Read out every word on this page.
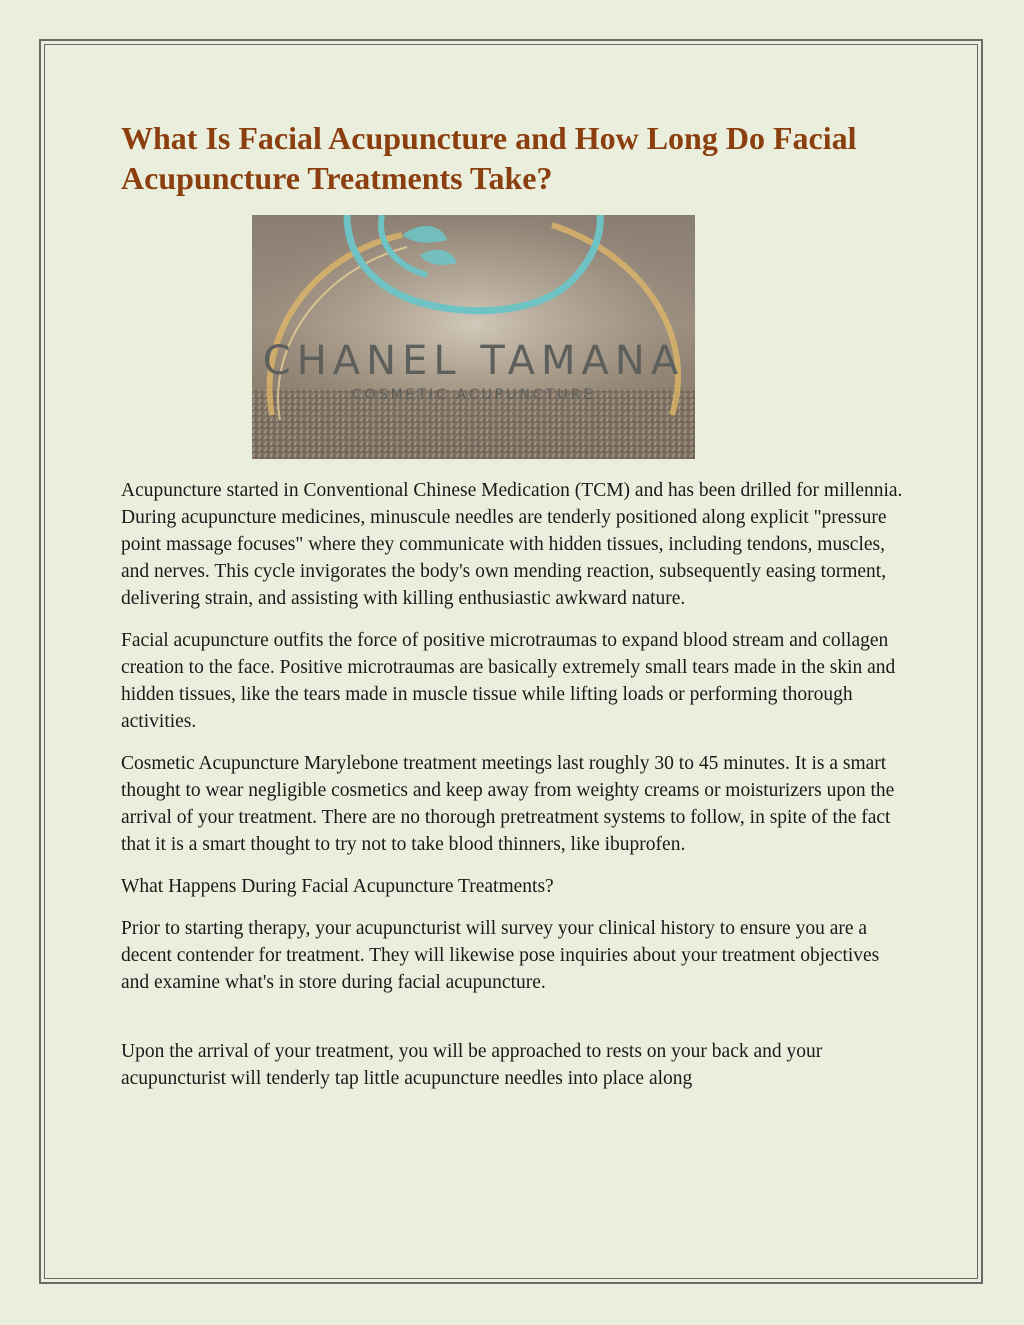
What Is Facial Acupuncture and How Long Do Facial Acupuncture Treatments Take?
CHANEL TAMANA
COSMETIC ACUPUNCTURE

Acupuncture started in Conventional Chinese Medication (TCM) and has been drilled for millennia. During acupuncture medicines, minuscule needles are tenderly positioned along explicit "pressure point massage focuses" where they communicate with hidden tissues, including tendons, muscles, and nerves. This cycle invigorates the body's own mending reaction, subsequently easing torment, delivering strain, and assisting with killing enthusiastic awkward nature.

Facial acupuncture outfits the force of positive microtraumas to expand blood stream and collagen creation to the face. Positive microtraumas are basically extremely small tears made in the skin and hidden tissues, like the tears made in muscle tissue while lifting loads or performing thorough activities.

Cosmetic Acupuncture Marylebone treatment meetings last roughly 30 to 45 minutes. It is a smart thought to wear negligible cosmetics and keep away from weighty creams or moisturizers upon the arrival of your treatment. There are no thorough pretreatment systems to follow, in spite of the fact that it is a smart thought to try not to take blood thinners, like ibuprofen.

What Happens During Facial Acupuncture Treatments?

Prior to starting therapy, your acupuncturist will survey your clinical history to ensure you are a decent contender for treatment. They will likewise pose inquiries about your treatment objectives and examine what's in store during facial acupuncture.

Upon the arrival of your treatment, you will be approached to rests on your back and your acupuncturist will tenderly tap little acupuncture needles into place along
